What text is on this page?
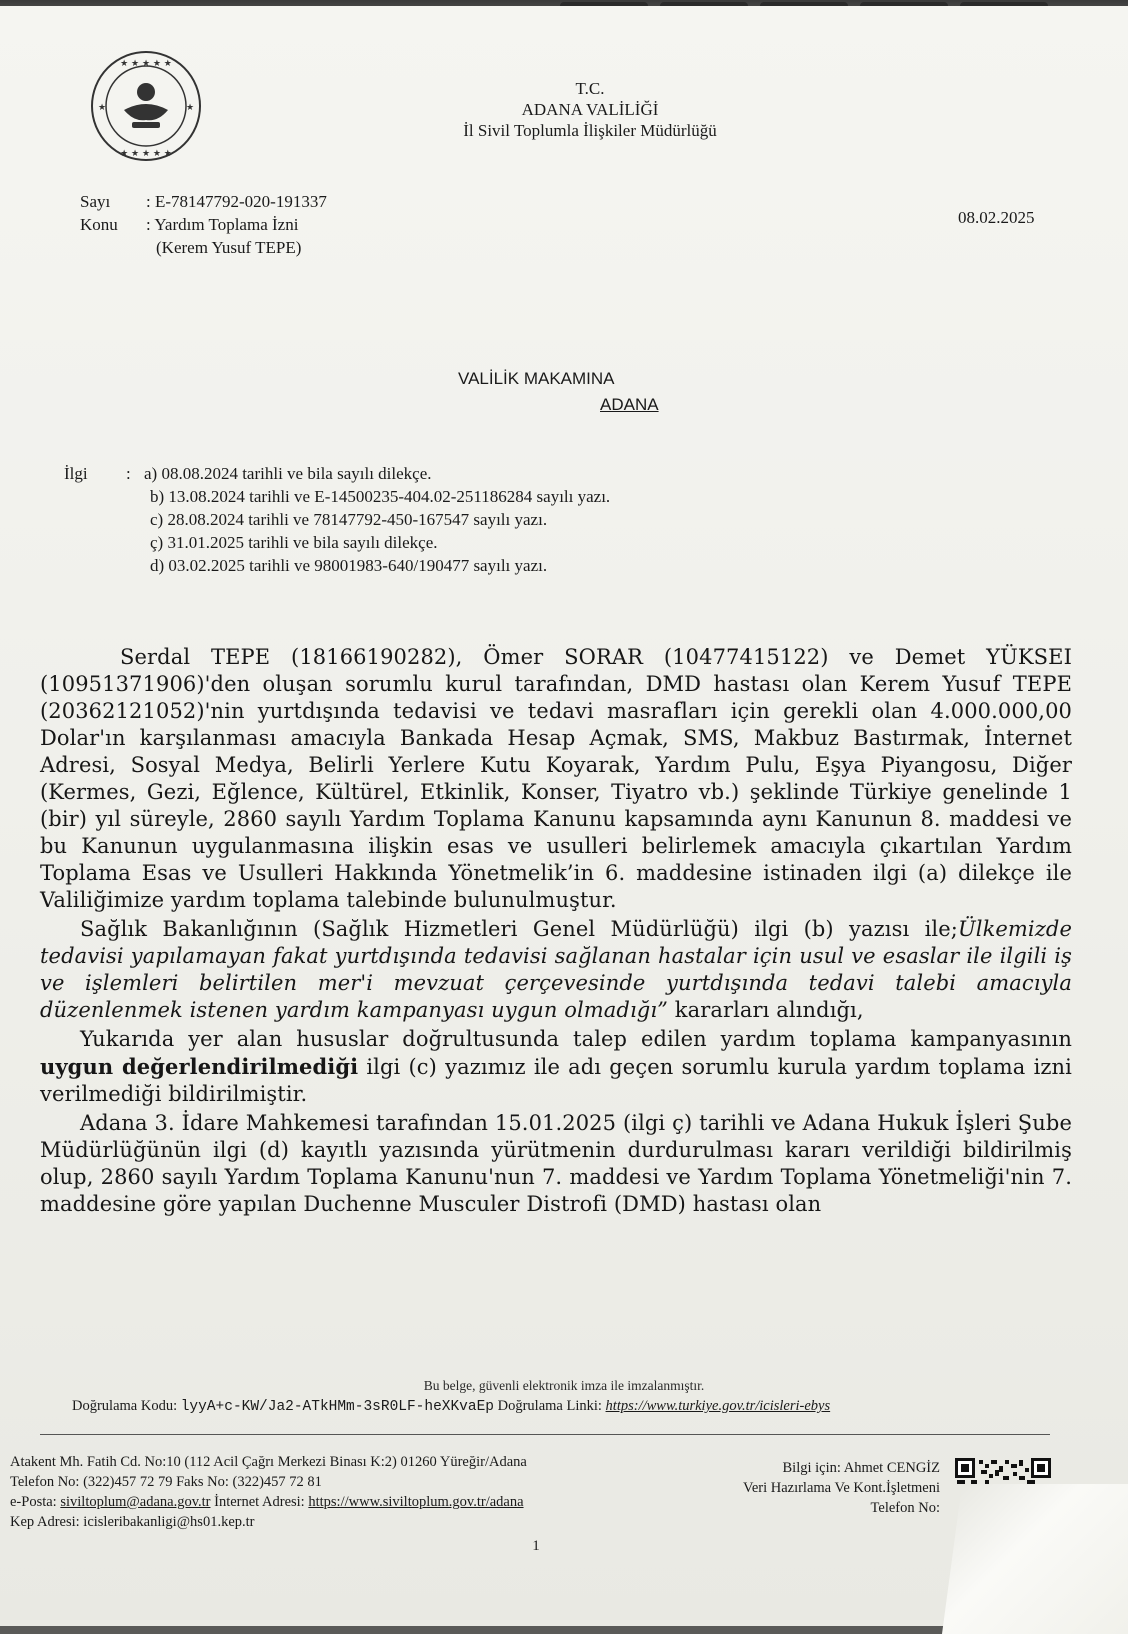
★ ★ ★ ★ ★
★ ★ ★ ★ ★
★	★
T.C.
ADANA VALİLİĞİ
İl Sivil Toplumla İlişkiler Müdürlüğü
Sayı : E-78147792-020-191337
Konu : Yardım Toplama İzni
(Kerem Yusuf TEPE)
08.02.2025
VALİLİK MAKAMINA
ADANA
İlgi	: a) 08.08.2024 tarihli ve bila sayılı dilekçe.
b) 13.08.2024 tarihli ve E-14500235-404.02-251186284 sayılı yazı.
c) 28.08.2024 tarihli ve 78147792-450-167547 sayılı yazı.
ç) 31.01.2025 tarihli ve bila sayılı dilekçe.
d) 03.02.2025 tarihli ve 98001983-640/190477 sayılı yazı.

Serdal TEPE (18166190282), Ömer SORAR (10477415122) ve Demet YÜKSEI (10951371906)'den oluşan sorumlu kurul tarafından, DMD hastası olan Kerem Yusuf TEPE (20362121052)'nin yurtdışında tedavisi ve tedavi masrafları için gerekli olan 4.000.000,00 Dolar'ın karşılanması amacıyla Bankada Hesap Açmak, SMS, Makbuz Bastırmak, İnternet Adresi, Sosyal Medya, Belirli Yerlere Kutu Koyarak, Yardım Pulu, Eşya Piyangosu, Diğer (Kermes, Gezi, Eğlence, Kültürel, Etkinlik, Konser, Tiyatro vb.) şeklinde Türkiye genelinde 1 (bir) yıl süreyle, 2860 sayılı Yardım Toplama Kanunu kapsamında aynı Kanunun 8. maddesi ve bu Kanunun uygulanmasına ilişkin esas ve usulleri belirlemek amacıyla çıkartılan Yardım Toplama Esas ve Usulleri Hakkında Yönetmelik’in 6. maddesine istinaden ilgi (a) dilekçe ile Valiliğimize yardım toplama talebinde bulunulmuştur.

Sağlık Bakanlığının (Sağlık Hizmetleri Genel Müdürlüğü) ilgi (b) yazısı ile;Ülkemizde tedavisi yapılamayan fakat yurtdışında tedavisi sağlanan hastalar için usul ve esaslar ile ilgili iş ve işlemleri belirtilen mer'i mevzuat çerçevesinde yurtdışında tedavi talebi amacıyla düzenlenmek istenen yardım kampanyası uygun olmadığı” kararları alındığı,

Yukarıda yer alan hususlar doğrultusunda talep edilen yardım toplama kampanyasının uygun değerlendirilmediği ilgi (c) yazımız ile adı geçen sorumlu kurula yardım toplama izni verilmediği bildirilmiştir.

Adana 3. İdare Mahkemesi tarafından 15.01.2025 (ilgi ç) tarihli ve Adana Hukuk İşleri Şube Müdürlüğünün ilgi (d) kayıtlı yazısında yürütmenin durdurulması kararı verildiği bildirilmiş olup, 2860 sayılı Yardım Toplama Kanunu'nun 7. maddesi ve Yardım Toplama Yönetmeliği'nin 7. maddesine göre yapılan Duchenne Musculer Distrofi (DMD) hastası olan

Bu belge, güvenli elektronik imza ile imzalanmıştır.
Doğrulama Kodu: lyyA+c-KW/Ja2-ATkHMm-3sR0LF-heXKvaEp Doğrulama Linki: https://www.turkiye.gov.tr/icisleri-ebys
Atakent Mh. Fatih Cd. No:10 (112 Acil Çağrı Merkezi Binası K:2) 01260 Yüreğir/Adana
Telefon No: (322)457 72 79 Faks No: (322)457 72 81
e-Posta: siviltoplum@adana.gov.tr İnternet Adresi: https://www.siviltoplum.gov.tr/adana
Kep Adresi: icisleribakanligi@hs01.kep.tr
Bilgi için: Ahmet CENGİZ
Veri Hazırlama Ve Kont.İşletmeni
Telefon No:
1
